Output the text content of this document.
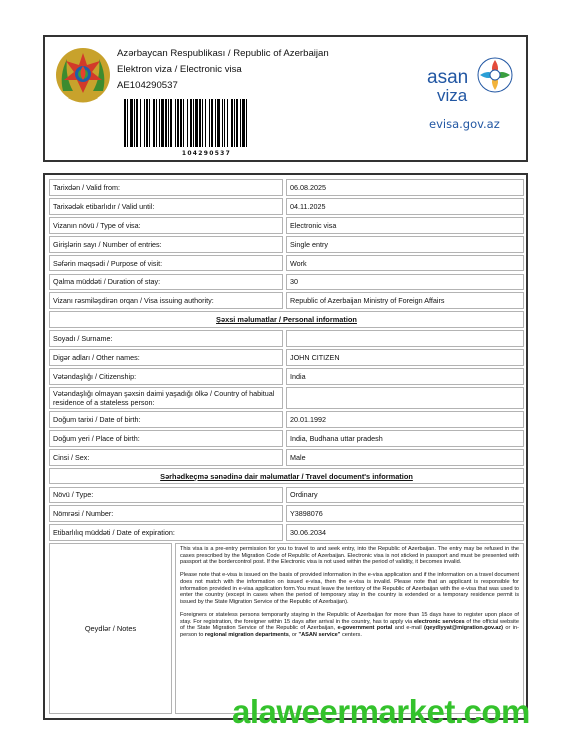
Azərbaycan Respublikası / Republic of Azerbaijan
Elektron viza / Electronic visa
AE104290537
104290537
asan
viza
evisa.gov.az
Tarixdən / Valid from:	06.08.2025
Tarixədək etibarlıdır / Valid until:	04.11.2025
Vizanın növü / Type of visa:	Electronic visa
Girişlərin sayı / Number of entries:	Single entry
Səfərin məqsədi / Purpose of visit:	Work
Qalma müddəti / Duration of stay:	30
Vizanı rəsmiləşdirən orqan / Visa issuing authority:	Republic of Azerbaijan Ministry of Foreign Affairs
Şəxsi məlumatlar / Personal information
Soyadı / Surname:
Digər adları / Other names:	JOHN CITIZEN
Vətəndaşlığı / Citizenship:	India
Vətəndaşlığı olmayan şəxsin daimi yaşadığı ölkə / Country of habitual residence of a stateless person:
Doğum tarixi / Date of birth:	20.01.1992
Doğum yeri / Place of birth:	India, Budhana uttar pradesh
Cinsi / Sex:	Male
Sərhədkeçmə sənədinə dair məlumatlar / Travel document's information
Növü / Type:	Ordinary
Nömrəsi / Number:	Y3898076
Etibarlılıq müddəti / Date of expiration:	30.06.2034
Qeydlər / Notes

This visa is a pre-entry permission for you to travel to and seek entry, into the Republic of Azerbaijan. The entry may be refused in the cases prescribed by the Migration Code of Republic of Azerbaijan. Electronic visa is not sticked in passport and must be presented with passport at the bordercontrol post. If the Electronic visa is not used within the period of validity, it becomes invalid.

Please note that e-visa is issued on the basis of provided information in the e-visa application and if the information on a travel document does not match with the information on issued e-visa, then the e-visa is invalid. Please note that an applicant is responsible for information provided in e-visa application form.You must leave the territory of the Republic of Azerbaijan with the e-visa that was used to enter the country (except in cases when the period of temporary stay in the country is extended or a temporary residence permit is issued by the State Migration Service of the Republic of Azerbaijan).

Foreigners or stateless persons temporarily staying in the Republic of Azerbaijan for more than 15 days have to register upon place of stay. For registration, the foreigner within 15 days after arrival in the country, has to apply via electronic services of the official website of the State Migration Service of the Republic of Azerbaijan, e-government portal and e-mail (qeydiyyat@migration.gov.az) or in-person to regional migration departments, or "ASAN service" centers.

alaweermarket.com
